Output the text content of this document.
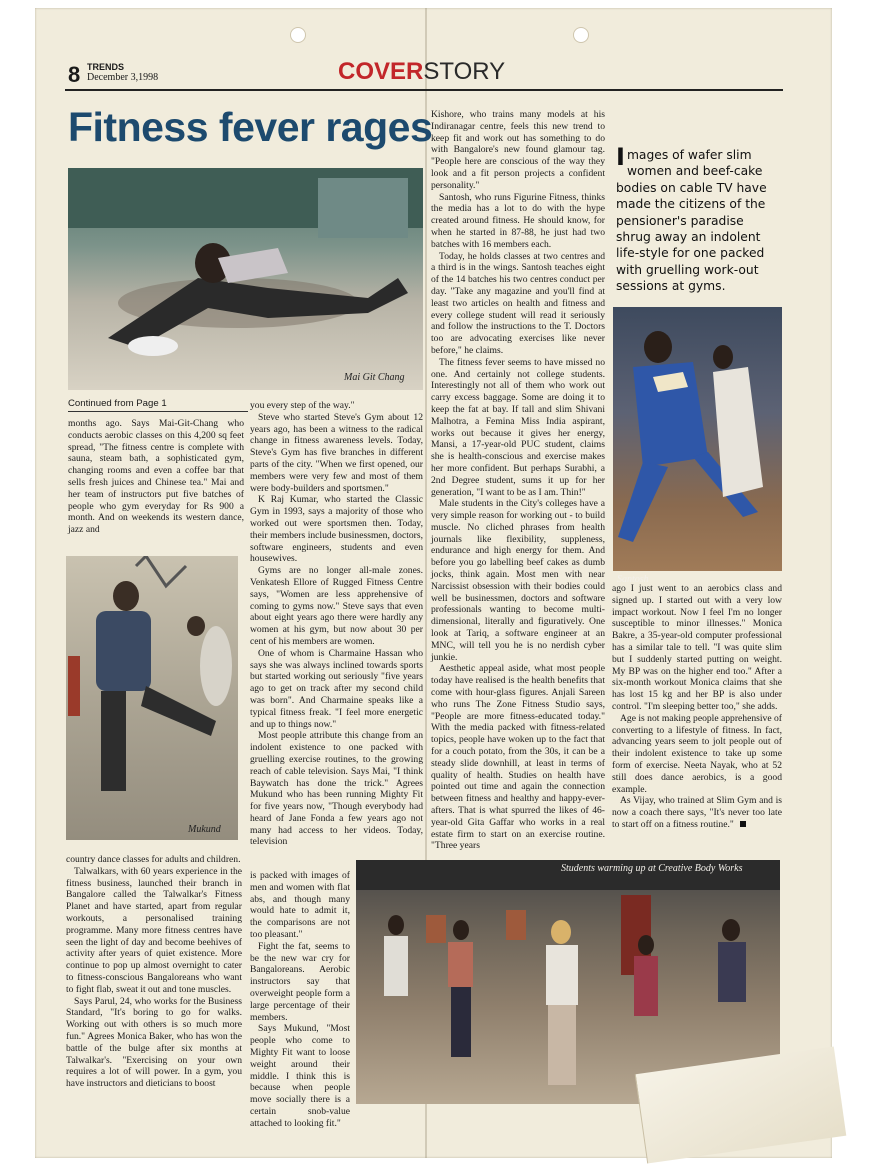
8 TRENDS
December 3,1998	COVERSTORY
Fitness fever rages
Mai Git Chang
Mukund
Images of wafer slim women and beef-cake bodies on cable TV have made the citizens of the pensioner's paradise shrug away an indolent life-style for one packed with gruelling work-out sessions at gyms.
Santosh
Students warming up at Creative Body Works
Continued from Page 1

months ago. Says Mai-Git-Chang who conducts aerobic classes on this 4,200 sq feet spread, "The fitness centre is complete with sauna, steam bath, a sophisticated gym, changing rooms and even a coffee bar that sells fresh juices and Chinese tea." Mai and her team of instructors put five batches of people who gym everyday for Rs 900 a month. And on weekends its western dance, jazz and

country dance classes for adults and children.

Talwalkars, with 60 years experience in the fitness business, launched their branch in Bangalore called the Talwalkar's Fitness Planet and have started, apart from regular workouts, a personalised training programme. Many more fitness centres have seen the light of day and become beehives of activity after years of quiet existence. More continue to pop up almost overnight to cater to fitness-conscious Bangaloreans who want to fight flab, sweat it out and tone muscles.

Says Parul, 24, who works for the Business Standard, "It's boring to go for walks. Working out with others is so much more fun." Agrees Monica Baker, who has won the battle of the bulge after six months at Talwalkar's. "Exercising on your own requires a lot of will power. In a gym, you have instructors and dieticians to boost

you every step of the way."

Steve who started Steve's Gym about 12 years ago, has been a witness to the radical change in fitness awareness levels. Today, Steve's Gym has five branches in different parts of the city. "When we first opened, our members were very few and most of them were body-builders and sportsmen."

K Raj Kumar, who started the Classic Gym in 1993, says a majority of those who worked out were sportsmen then. Today, their members include businessmen, doctors, software engineers, students and even housewives.

Gyms are no longer all-male zones. Venkatesh Ellore of Rugged Fitness Centre says, "Women are less apprehensive of coming to gyms now." Steve says that even about eight years ago there were hardly any women at his gym, but now about 30 per cent of his members are women.

One of whom is Charmaine Hassan who says she was always inclined towards sports but started working out seriously "five years ago to get on track after my second child was born". And Charmaine speaks like a typical fitness freak. "I feel more energetic and up to things now."

Most people attribute this change from an indolent existence to one packed with gruelling exercise routines, to the growing reach of cable television. Says Mai, "I think Baywatch has done the trick." Agrees Mukund who has been running Mighty Fit for five years now, "Though everybody had heard of Jane Fonda a few years ago not many had access to her videos. Today, television

is packed with images of men and women with flat abs, and though many would hate to admit it, the comparisons are not too pleasant."

Fight the fat, seems to be the new war cry for Bangaloreans. Aerobic instructors say that overweight people form a large percentage of their members.

Says Mukund, "Most people who come to Mighty Fit want to loose weight around their middle. I think this is because when people move socially there is a certain snob-value attached to looking fit."

Kishore, who trains many models at his Indiranagar centre, feels this new trend to keep fit and work out has something to do with Bangalore's new found glamour tag. "People here are conscious of the way they look and a fit person projects a confident personality."

Santosh, who runs Figurine Fitness, thinks the media has a lot to do with the hype created around fitness. He should know, for when he started in 87-88, he just had two batches with 16 members each.

Today, he holds classes at two centres and a third is in the wings. Santosh teaches eight of the 14 batches his two centres conduct per day. "Take any magazine and you'll find at least two articles on health and fitness and every college student will read it seriously and follow the instructions to the T. Doctors too are advocating exercises like never before," he claims.

The fitness fever seems to have missed no one. And certainly not college students. Interestingly not all of them who work out carry excess baggage. Some are doing it to keep the fat at bay. If tall and slim Shivani Malhotra, a Femina Miss India aspirant, works out because it gives her energy, Mansi, a 17-year-old PUC student, claims she is health-conscious and exercise makes her more confident. But perhaps Surabhi, a 2nd Degree student, sums it up for her generation, "I want to be as I am. Thin!"

Male students in the City's colleges have a very simple reason for working out - to build muscle. No cliched phrases from health journals like flexibility, suppleness, endurance and high energy for them. And before you go labelling beef cakes as dumb jocks, think again. Most men with near Narcissist obsession with their bodies could well be businessmen, doctors and software professionals wanting to become multi-dimensional, literally and figuratively. One look at Tariq, a software engineer at an MNC, will tell you he is no nerdish cyber junkie.

Aesthetic appeal aside, what most people today have realised is the health benefits that come with hour-glass figures. Anjali Sareen who runs The Zone Fitness Studio says, "People are more fitness-educated today." With the media packed with fitness-related topics, people have woken up to the fact that for a couch potato, from the 30s, it can be a steady slide downhill, at least in terms of quality of health. Studies on health have pointed out time and again the connection between fitness and healthy and happy-ever-afters. That is what spurred the likes of 46-year-old Gita Gaffar who works in a real estate firm to start on an exercise routine. "Three years

ago I just went to an aerobics class and signed up. I started out with a very low impact workout. Now I feel I'm no longer susceptible to minor illnesses." Monica Bakre, a 35-year-old computer professional has a similar tale to tell. "I was quite slim but I suddenly started putting on weight. My BP was on the higher end too." After a six-month workout Monica claims that she has lost 15 kg and her BP is also under control. "I'm sleeping better too," she adds.

Age is not making people apprehensive of converting to a lifestyle of fitness. In fact, advancing years seem to jolt people out of their indolent existence to take up some form of exercise. Neeta Nayak, who at 52 still does dance aerobics, is a good example.

As Vijay, who trained at Slim Gym and is now a coach there says, "It's never too late to start off on a fitness routine."
